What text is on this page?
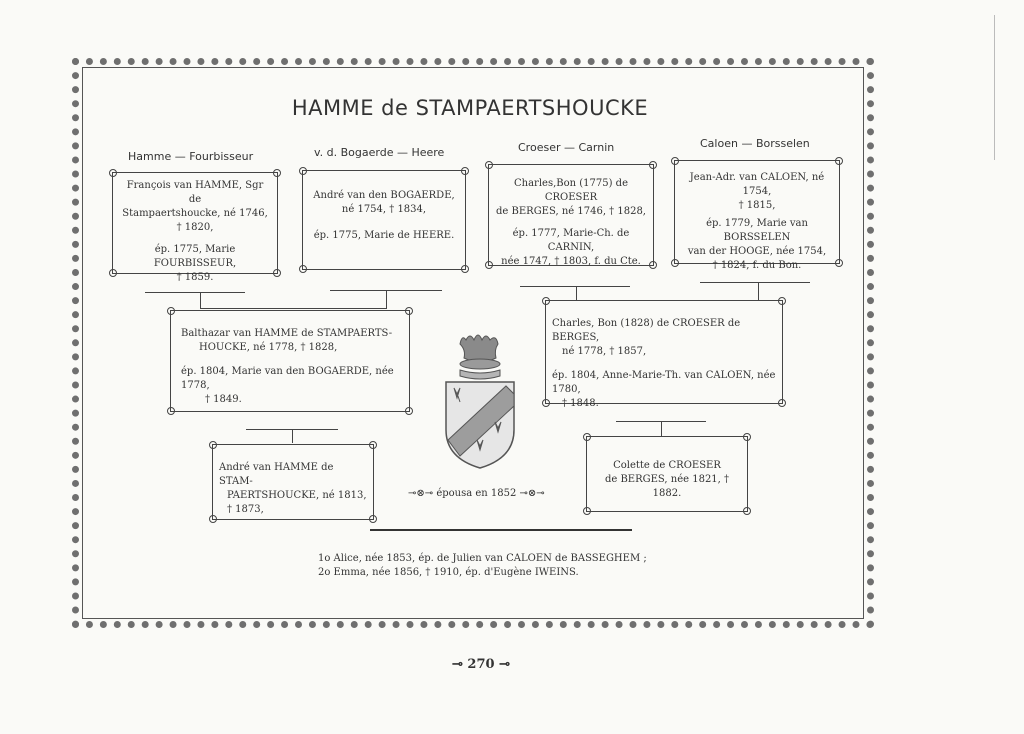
HAMME de STAMPAERTSHOUCKE
Hamme — Fourbisseur	v. d. Bogaerde — Heere	Croeser — Carnin	Caloen — Borsselen

François van HAMME, Sgr de

Stampaertshoucke, né 1746,

† 1820,

ép. 1775, Marie FOURBISSEUR,

† 1859.

André van den BOGAERDE,

né 1754, † 1834,

ép. 1775, Marie de HEERE.

Charles,Bon (1775) de CROESER

de BERGES, né 1746, † 1828,

ép. 1777, Marie-Ch. de CARNIN,

née 1747, † 1803, f. du Cte.

Jean-Adr. van CALOEN, né 1754,

† 1815,

ép. 1779, Marie van BORSSELEN

van der HOOGE, née 1754,

† 1824, f. du Bon.

Balthazar van HAMME de STAMPAERTS-

HOUCKE, né 1778, † 1828,

ép. 1804, Marie van den BOGAERDE, née 1778,

† 1849.

Charles, Bon (1828) de CROESER de BERGES,

né 1778, † 1857,

ép. 1804, Anne-Marie-Th. van CALOEN, née 1780,

† 1848.

André van HAMME de STAM-

PAERTSHOUCKE, né 1813,

† 1873,

Colette de CROESER

de BERGES, née 1821, † 1882.

⊸⊗⊸ épousa en 1852 ⊸⊗⊸

1o Alice, née 1853, ép. de Julien van CALOEN de BASSEGHEM ;

2o Emma, née 1856, † 1910, ép. d'Eugène IWEINS.

⊸ 270 ⊸
